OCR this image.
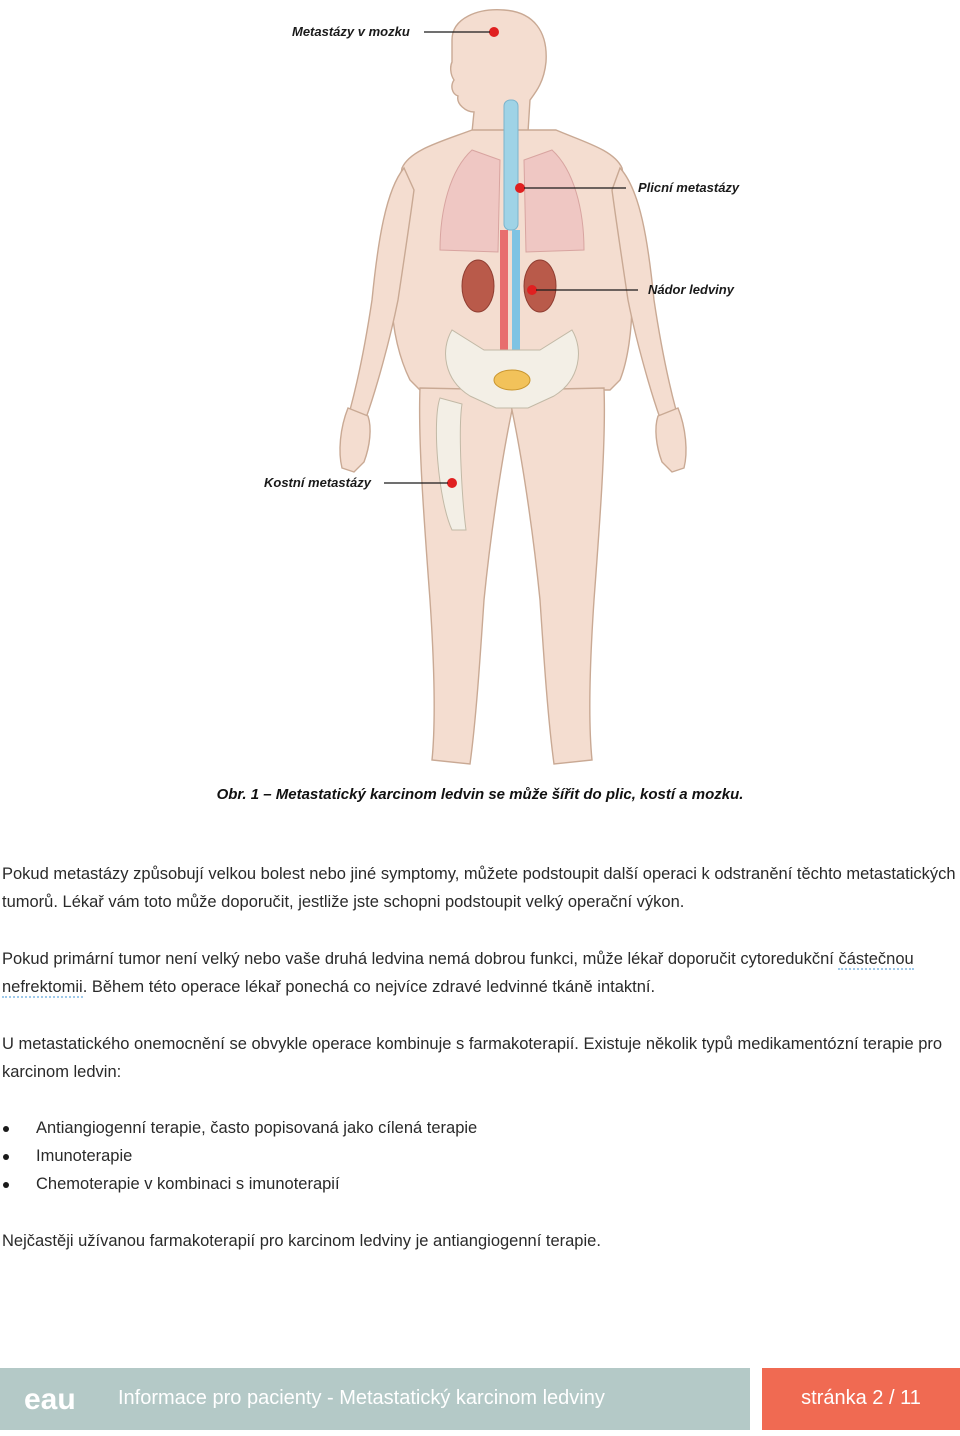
Metastázy v mozku
Plicní metastázy
Nádor ledviny
Kostní metastázy
Obr. 1 – Metastatický karcinom ledvin se může šířit do plic, kostí a mozku.

Pokud metastázy způsobují velkou bolest nebo jiné symptomy, můžete podstoupit další operaci k odstranění těchto metastatických tumorů. Lékař vám toto může doporučit, jestliže jste schopni podstoupit velký operační výkon.

Pokud primární tumor není velký nebo vaše druhá ledvina nemá dobrou funkci, může lékař doporučit cytoredukční částečnou nefrektomii. Během této operace lékař ponechá co nejvíce zdravé ledvinné tkáně intaktní.

U metastatického onemocnění se obvykle operace kombinuje s farmakoterapií. Existuje několik typů medikamentózní terapie pro karcinom ledvin:

Antiangiogenní terapie, často popisovaná jako cílená terapie
Imunoterapie
Chemoterapie v kombinaci s imunoterapií

Nejčastěji užívanou farmakoterapií pro karcinom ledviny je antiangiogenní terapie.

eau Informace pro pacienty - Metastatický karcinom ledviny	stránka 2 / 11
